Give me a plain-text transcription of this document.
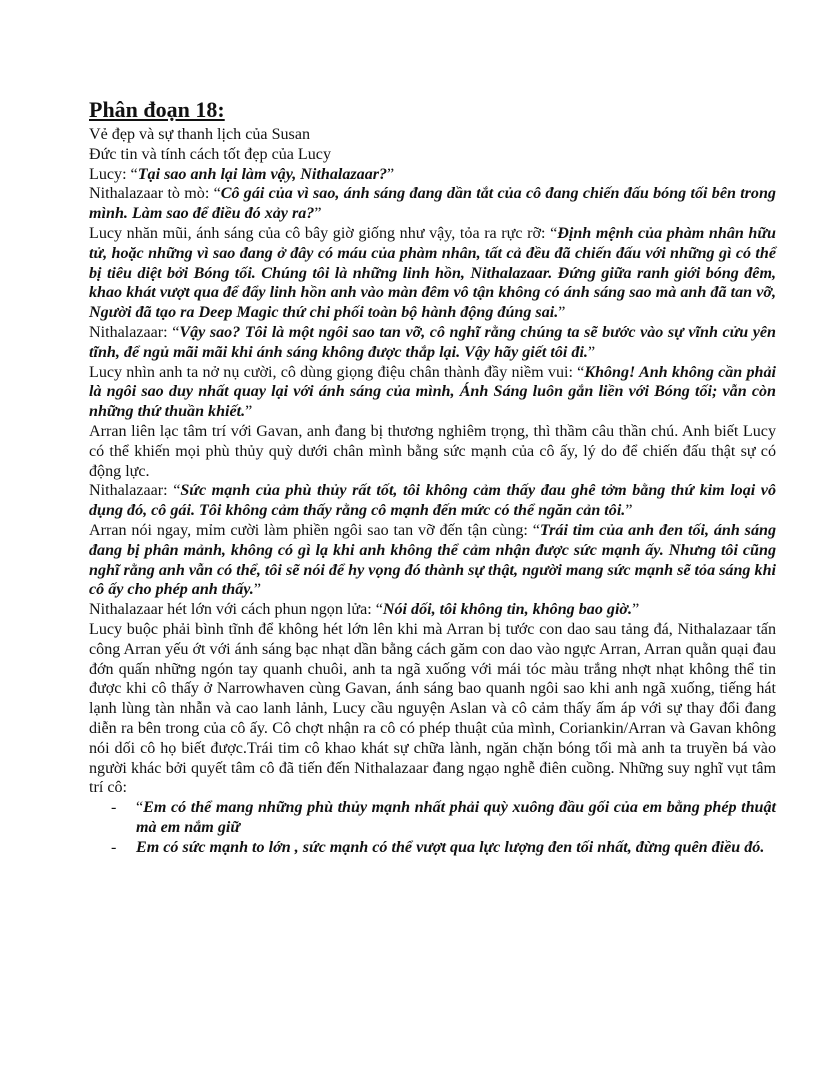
Phân đoạn 18:
Vẻ đẹp và sự thanh lịch của Susan
Đức tin và tính cách tốt đẹp của Lucy

Lucy: “Tại sao anh lại làm vậy, Nithalazaar?”

Nithalazaar tò mò: “Cô gái của vì sao, ánh sáng đang dần tắt của cô đang chiến đấu bóng tối bên trong mình. Làm sao để điều đó xảy ra?”

Lucy nhăn mũi, ánh sáng của cô bây giờ giống như vậy, tỏa ra rực rỡ: “Định mệnh của phàm nhân hữu tử, hoặc những vì sao đang ở đây có máu của phàm nhân, tất cả đều đã chiến đấu với những gì có thể bị tiêu diệt bởi Bóng tối. Chúng tôi là những linh hồn, Nithalazaar. Đứng giữa ranh giới bóng đêm, khao khát vượt qua để đẩy linh hồn anh vào màn đêm vô tận không có ánh sáng sao mà anh đã tan vỡ, Người đã tạo ra Deep Magic thứ chi phối toàn bộ hành động đúng sai.”

Nithalazaar: “Vậy sao? Tôi là một ngôi sao tan vỡ, cô nghĩ rằng chúng ta sẽ bước vào sự vĩnh cửu yên tĩnh, để ngủ mãi mãi khi ánh sáng không được thắp lại. Vậy hãy giết tôi đi.”

Lucy nhìn anh ta nở nụ cười, cô dùng giọng điệu chân thành đầy niềm vui: “Không! Anh không cần phải là ngôi sao duy nhất quay lại với ánh sáng của mình, Ánh Sáng luôn gắn liền với Bóng tối; vẫn còn những thứ thuần khiết.”

Arran liên lạc tâm trí với Gavan, anh đang bị thương nghiêm trọng, thì thầm câu thần chú. Anh biết Lucy có thể khiến mọi phù thủy quỳ dưới chân mình bằng sức mạnh của cô ấy, lý do để chiến đấu thật sự có động lực.

Nithalazaar: “Sức mạnh của phù thủy rất tốt, tôi không cảm thấy đau ghê tởm bằng thứ kim loại vô dụng đó, cô gái. Tôi không cảm thấy rằng cô mạnh đến mức có thể ngăn cản tôi.”

Arran nói ngay, mỉm cười làm phiền ngôi sao tan vỡ đến tận cùng: “Trái tim của anh đen tối, ánh sáng đang bị phân mảnh, không có gì lạ khi anh không thể cảm nhận được sức mạnh ấy. Nhưng tôi cũng nghĩ rằng anh vẫn có thể, tôi sẽ nói để hy vọng đó thành sự thật, người mang sức mạnh sẽ tỏa sáng khi cô ấy cho phép anh thấy.”

Nithalazaar hét lớn với cách phun ngọn lửa: “Nói dối, tôi không tin, không bao giờ.”

Lucy buộc phải bình tĩnh để không hét lớn lên khi mà Arran bị tước con dao sau tảng đá, Nithalazaar tấn công Arran yếu ớt với ánh sáng bạc nhạt dần bằng cách găm con dao vào ngực Arran, Arran quằn quại đau đớn quấn những ngón tay quanh chuôi, anh ta ngã xuống với mái tóc màu trắng nhợt nhạt không thể tin được khi cô thấy ở Narrowhaven cùng Gavan, ánh sáng bao quanh ngôi sao khi anh ngã xuống, tiếng hát lạnh lùng tàn nhẫn và cao lanh lảnh, Lucy cầu nguyện Aslan và cô cảm thấy ấm áp với sự thay đổi đang diễn ra bên trong của cô ấy. Cô chợt nhận ra cô có phép thuật của mình, Coriankin/Arran và Gavan không nói dối cô họ biết được.Trái tim cô khao khát sự chữa lành, ngăn chặn bóng tối mà anh ta truyền bá vào người khác bởi quyết tâm cô đã tiến đến Nithalazaar đang ngạo nghễ điên cuồng. Những suy nghĩ vụt tâm trí cô:

- “Em có thể mang những phù thủy mạnh nhất phải quỳ xuông đầu gối của em bằng phép thuật mà em nắm giữ
- Em có sức mạnh to lớn , sức mạnh có thể vượt qua lực lượng đen tối nhất, đừng quên điều đó.
